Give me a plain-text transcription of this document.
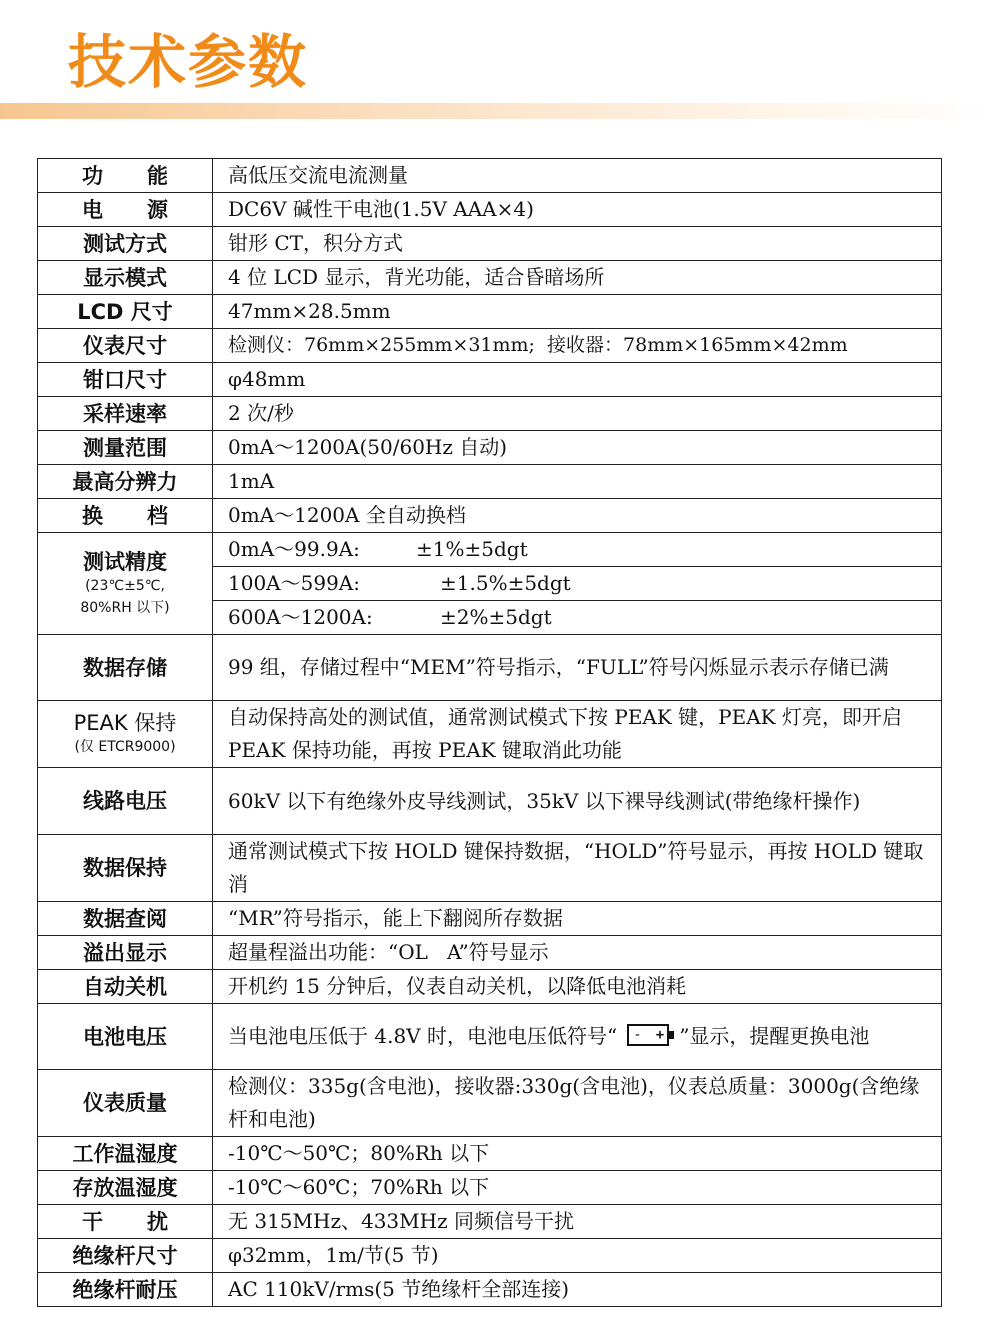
技术参数
功能	高低压交流电流测量
电源	DC6V 碱性干电池(1.5V AAA×4)
测试方式	钳形 CT，积分方式
显示模式	4 位 LCD 显示，背光功能，适合昏暗场所
LCD 尺寸	47mm×28.5mm
仪表尺寸	检测仪：76mm×255mm×31mm;  接收器：78mm×165mm×42mm
钳口尺寸	φ48mm
采样速率	2 次/秒
测量范围	0mA～1200A(50/60Hz 自动)
最高分辨力	1mA
换档	0mA～1200A 全自动换档
测试精度
(23℃±5℃,
80%RH 以下)	0mA～99.9A: ±1%±5dgt
	100A～599A: ±1.5%±5dgt
	600A～1200A: ±2%±5dgt
数据存储	99 组，存储过程中“MEM”符号指示，“FULL”符号闪烁显示表示存储已满
PEAK 保持
(仅 ETCR9000)	自动保持高处的测试值，通常测试模式下按 PEAK 键，PEAK 灯亮，即开启 PEAK 保持功能，再按 PEAK 键取消此功能
线路电压	60kV 以下有绝缘外皮导线测试，35kV 以下裸导线测试(带绝缘杆操作)
数据保持	通常测试模式下按 HOLD 键保持数据，“HOLD”符号显示，再按 HOLD 键取消
数据查阅	“MR”符号指示，能上下翻阅所存数据
溢出显示	超量程溢出功能：“OL   A”符号显示
自动关机	开机约 15 分钟后，仪表自动关机，以降低电池消耗
电池电压	当电池电压低于 4.8V 时，电池电压低符号“ - + ”显示，提醒更换电池
仪表质量	检测仪：335g(含电池)，接收器:330g(含电池)，仪表总质量：3000g(含绝缘杆和电池)
工作温湿度	-10℃～50℃；80%Rh 以下
存放温湿度	-10℃～60℃；70%Rh 以下
干扰	无 315MHz、433MHz 同频信号干扰
绝缘杆尺寸	φ32mm，1m/节(5 节)
绝缘杆耐压	AC 110kV/rms(5 节绝缘杆全部连接)
